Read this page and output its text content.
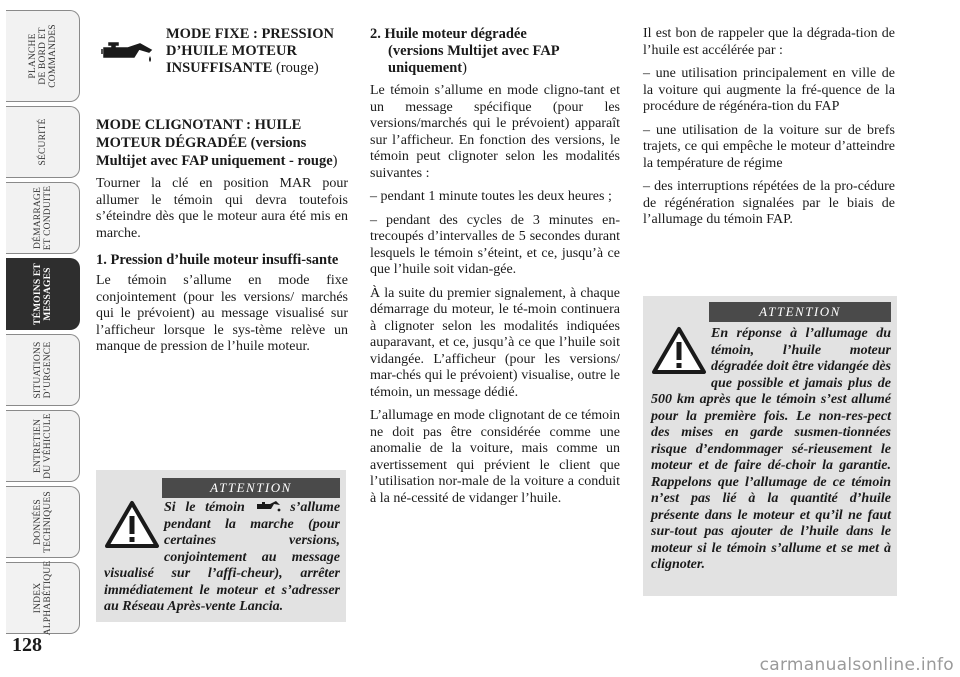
PLANCHE
DE BORD ET
COMMANDES
SÉCURITÉ
DÉMARRAGE
ET CONDUITE
TÉMOINS ET
MESSAGES
SITUATIONS
D’URGENCE
ENTRETIEN
DU VÉHICULE
DONNÉES
TECHNIQUES
INDEX
ALPHABÉTIQUE
128
MODE FIXE : PRESSION D’HUILE MOTEUR INSUFFISANTE (rouge)
MODE CLIGNOTANT : HUILE MOTEUR DÉGRADÉE (versions Multijet avec FAP uniquement - rouge)

Tourner la clé en position MAR pour allumer le témoin qui devra toutefois s’éteindre dès que le moteur aura été mis en marche.

1. Pression d’huile moteur insuffi-sante

Le témoin s’allume en mode fixe conjointement (pour les versions/ marchés qui le prévoient) au message visualisé sur l’afficheur lorsque le sys-tème relève un manque de pression de l’huile moteur.

ATTENTION
Si le témoin	s’allume pendant la marche (pour certaines versions, conjointement au message visualisé sur l’affi-cheur), arrêter immédiatement le moteur et s’adresser au Réseau Après-vente Lancia.
2. Huile moteur dégradée
(versions Multijet avec FAP
uniquement)

Le témoin s’allume en mode cligno-tant et un message spécifique (pour les versions/marchés qui le prévoient) apparaît sur l’afficheur. En fonction des versions, le témoin peut clignoter selon les modalités suivantes :

– pendant 1 minute toutes les deux heures ;

– pendant des cycles de 3 minutes en-trecoupés d’intervalles de 5 secondes durant lesquels le témoin s’éteint, et ce, jusqu’à ce que l’huile soit vidan-gée.

À la suite du premier signalement, à chaque démarrage du moteur, le té-moin continuera à clignoter selon les modalités indiquées auparavant, et ce, jusqu’à ce que l’huile soit vidangée. L’afficheur (pour les versions/ mar-chés qui le prévoient) visualise, outre le témoin, un message dédié.

L’allumage en mode clignotant de ce témoin ne doit pas être considérée comme une anomalie de la voiture, mais comme un avertissement qui prévient le client que l’utilisation nor-male de la voiture a conduit à la né-cessité de vidanger l’huile.

Il est bon de rappeler que la dégrada-tion de l’huile est accélérée par :

– une utilisation principalement en ville de la voiture qui augmente la fré-quence de la procédure de régénéra-tion du FAP

– une utilisation de la voiture sur de brefs trajets, ce qui empêche le moteur d’atteindre la température de régime

– des interruptions répétées de la pro-cédure de régénération signalées par le biais de l’allumage du témoin FAP.

ATTENTION
En réponse à l’allumage du témoin, l’huile moteur dégradée doit être vidangée dès que possible et jamais plus de 500 km après que le témoin s’est allumé pour la première fois. Le non-res-pect des mises en garde susmen-tionnées risque d’endommager sé-rieusement le moteur et de faire dé-choir la garantie. Rappelons que l’allumage de ce témoin n’est pas lié à la quantité d’huile présente dans le moteur et qu’il ne faut sur-tout pas ajouter de l’huile dans le moteur si le témoin s’allume et se met à clignoter.
carmanualsonline.info
